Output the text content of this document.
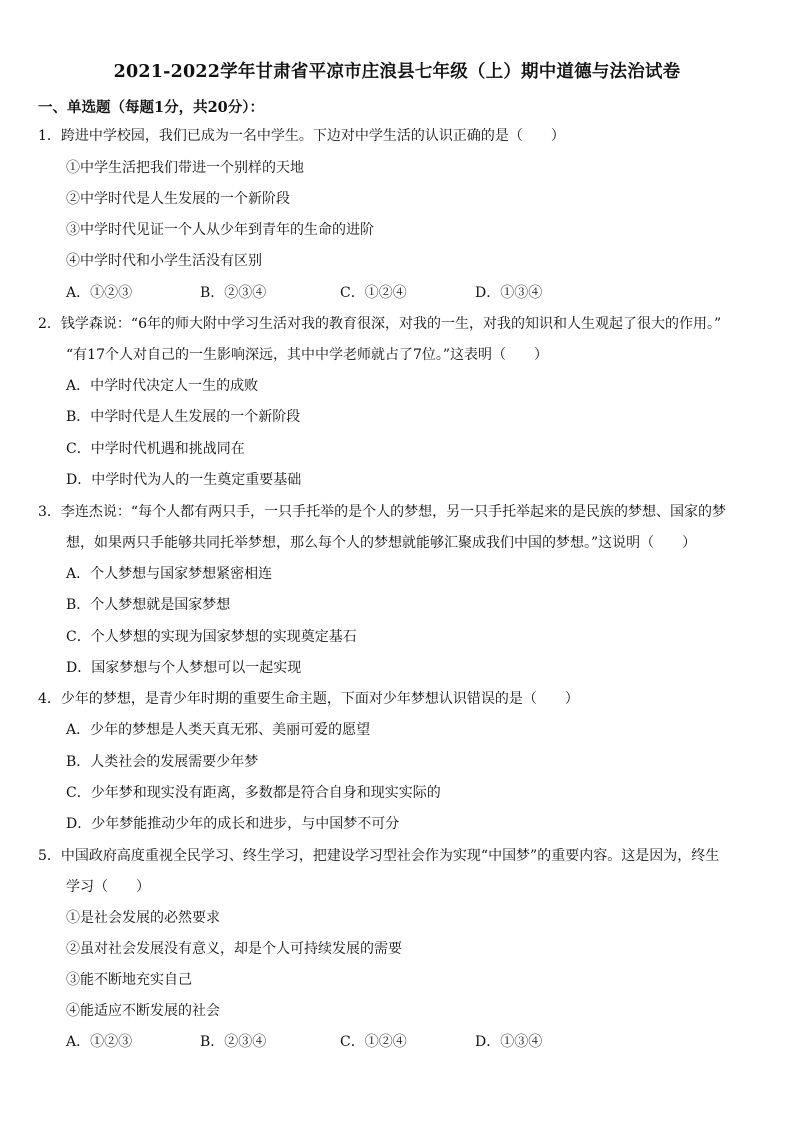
2021-2022学年甘肃省平凉市庄浪县七年级（上）期中道德与法治试卷
一、单选题（每题1分，共20分）：
1．跨进中学校园，我们已成为一名中学生。下边对中学生活的认识正确的是（　　）
①中学生活把我们带进一个别样的天地
②中学时代是人生发展的一个新阶段
③中学时代见证一个人从少年到青年的生命的进阶
④中学时代和小学生活没有区别
A．①②③	B．②③④	C．①②④	D．①③④
2．钱学森说：“6年的师大附中学习生活对我的教育很深，对我的一生，对我的知识和人生观起了很大的作用。”
“有17个人对自己的一生影响深远，其中中学老师就占了7位。”这表明（　　）
A．中学时代决定人一生的成败
B．中学时代是人生发展的一个新阶段
C．中学时代机遇和挑战同在
D．中学时代为人的一生奠定重要基础
3．李连杰说：“每个人都有两只手，一只手托举的是个人的梦想，另一只手托举起来的是民族的梦想、国家的梦
想，如果两只手能够共同托举梦想，那么每个人的梦想就能够汇聚成我们中国的梦想。”这说明（　　）
A．个人梦想与国家梦想紧密相连
B．个人梦想就是国家梦想
C．个人梦想的实现为国家梦想的实现奠定基石
D．国家梦想与个人梦想可以一起实现
4．少年的梦想，是青少年时期的重要生命主题，下面对少年梦想认识错误的是（　　）
A．少年的梦想是人类天真无邪、美丽可爱的愿望
B．人类社会的发展需要少年梦
C．少年梦和现实没有距离，多数都是符合自身和现实实际的
D．少年梦能推动少年的成长和进步，与中国梦不可分
5．中国政府高度重视全民学习、终生学习，把建设学习型社会作为实现“中国梦”的重要内容。这是因为，终生
学习（　　）
①是社会发展的必然要求
②虽对社会发展没有意义，却是个人可持续发展的需要
③能不断地充实自己
④能适应不断发展的社会
A．①②③	B．②③④	C．①②④	D．①③④
